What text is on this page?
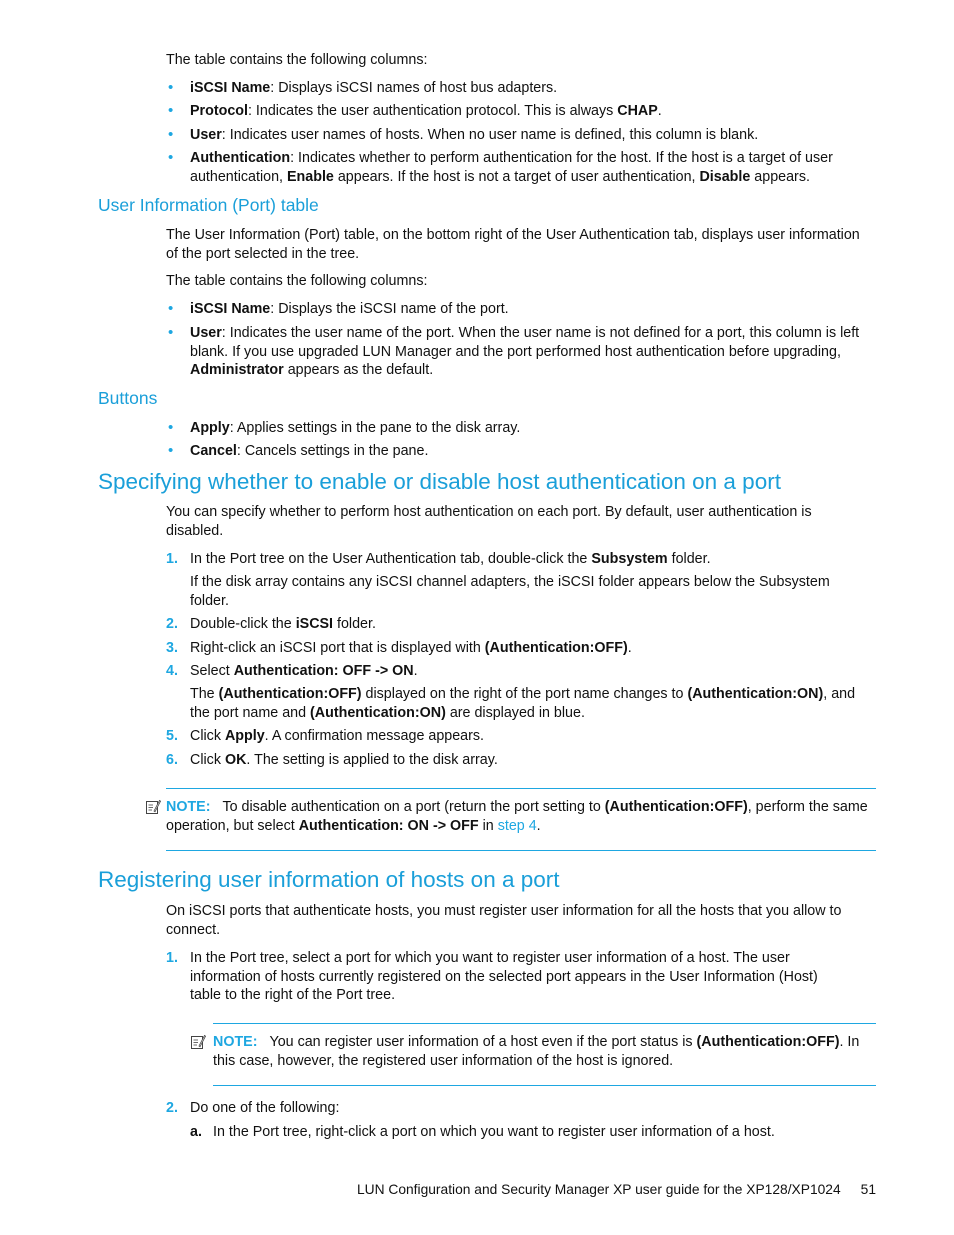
The table contains the following columns:

• iSCSI Name: Displays iSCSI names of host bus adapters.

• Protocol: Indicates the user authentication protocol. This is always CHAP.

• User: Indicates user names of hosts. When no user name is defined, this column is blank.

• Authentication: Indicates whether to perform authentication for the host. If the host is a target of user authentication, Enable appears. If the host is not a target of user authentication, Disable appears.

User Information (Port) table

The User Information (Port) table, on the bottom right of the User Authentication tab, displays user information of the port selected in the tree.

The table contains the following columns:

• iSCSI Name: Displays the iSCSI name of the port.

• User: Indicates the user name of the port. When the user name is not defined for a port, this column is left blank. If you use upgraded LUN Manager and the port performed host authentication before upgrading, Administrator appears as the default.

Buttons
• Apply: Applies settings in the pane to the disk array.

• Cancel: Cancels settings in the pane.

Specifying whether to enable or disable host authentication on a port

You can specify whether to perform host authentication on each port. By default, user authentication is disabled.

1. In the Port tree on the User Authentication tab, double-click the Subsystem folder.

If the disk array contains any iSCSI channel adapters, the iSCSI folder appears below the Subsystem folder.

2. Double-click the iSCSI folder.

3. Right-click an iSCSI port that is displayed with (Authentication:OFF).

4. Select Authentication: OFF -> ON.

The (Authentication:OFF) displayed on the right of the port name changes to (Authentication:ON), and the port name and (Authentication:ON) are displayed in blue.

5. Click Apply. A confirmation message appears.

6. Click OK. The setting is applied to the disk array.

NOTE: To disable authentication on a port (return the port setting to (Authentication:OFF), perform the same operation, but select Authentication: ON -> OFF in step 4.

Registering user information of hosts on a port

On iSCSI ports that authenticate hosts, you must register user information for all the hosts that you allow to connect.

1. In the Port tree, select a port for which you want to register user information of a host. The user information of hosts currently registered on the selected port appears in the User Information (Host) table to the right of the Port tree.

NOTE: You can register user information of a host even if the port status is (Authentication:OFF). In this case, however, the registered user information of the host is ignored.

2. Do one of the following:

a. In the Port tree, right-click a port on which you want to register user information of a host.

LUN Configuration and Security Manager XP user guide for the XP128/XP1024 51
